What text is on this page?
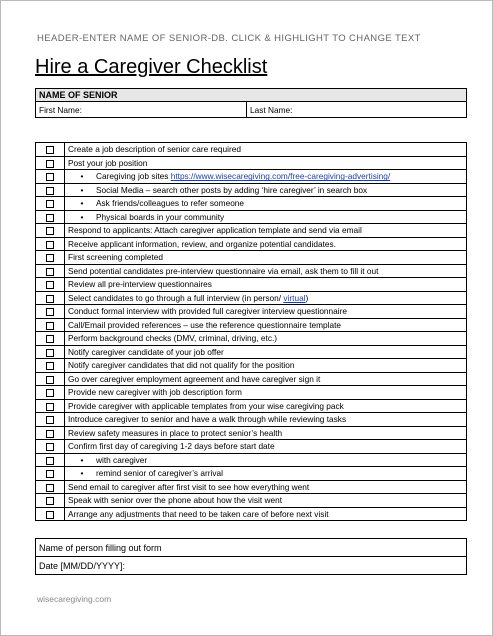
HEADER-ENTER NAME OF SENIOR-DB. CLICK & HIGHLIGHT TO CHANGE TEXT
Hire a Caregiver Checklist
NAME OF SENIOR
First Name:	Last Name:
	Create a job description of senior care required
	Post your job position
	• Caregiving job sites https://www.wisecaregiving.com/free-caregiving-advertising/
	• Social Media – search other posts by adding ‘hire caregiver’ in search box
	• Ask friends/colleagues to refer someone
	• Physical boards in your community
	Respond to applicants: Attach caregiver application template and send via email
	Receive applicant information, review, and organize potential candidates.
	First screening completed
	Send potential candidates pre-interview questionnaire via email, ask them to fill it out
	Review all pre-interview questionnaires
	Select candidates to go through a full interview (in person/ virtual)
	Conduct formal interview with provided full caregiver interview questionnaire
	Call/Email provided references – use the reference questionnaire template
	Perform background checks (DMV, criminal, driving, etc.)
	Notify caregiver candidate of your job offer
	Notify caregiver candidates that did not qualify for the position
	Go over caregiver employment agreement and have caregiver sign it
	Provide new caregiver with job description form
	Provide caregiver with applicable templates from your wise caregiving pack
	Introduce caregiver to senior and have a walk through while reviewing tasks
	Review safety measures in place to protect senior’s health
	Confirm first day of caregiving 1-2 days before start date
	• with caregiver
	• remind senior of caregiver’s arrival
	Send email to caregiver after first visit to see how everything went
	Speak with senior over the phone about how the visit went
	Arrange any adjustments that need to be taken care of before next visit
Name of person filling out form
Date [MM/DD/YYYY]:
wisecaregiving.com
